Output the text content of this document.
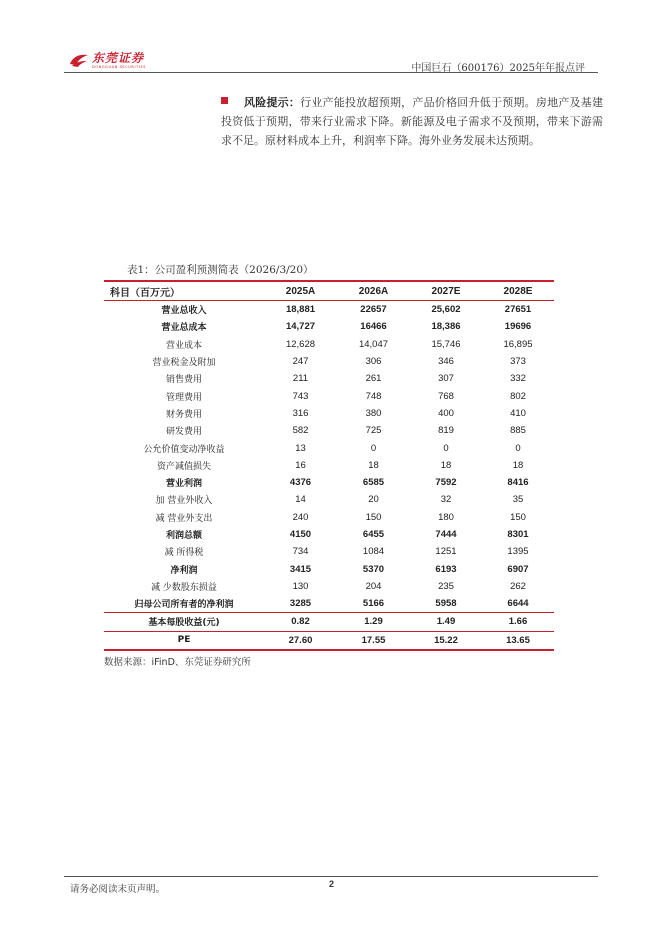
东莞证券
DONGGUAN SECURITIES	中国巨石（600176）2025年年报点评

风险提示：行业产能投放超预期，产品价格回升低于预期。房地产及基建投资低于预期，带来行业需求下降。新能源及电子需求不及预期，带来下游需求不足。原材料成本上升，利润率下降。海外业务发展未达预期。

表1：公司盈利预测简表（2026/3/20）
科目（百万元）	2025A	2026A	2027E	2028E
营业总收入	18,881	22657	25,602	27651
营业总成本	14,727	16466	18,386	19696
营业成本	12,628	14,047	15,746	16,895
营业税金及附加	247	306	346	373
销售费用	211	261	307	332
管理费用	743	748	768	802
财务费用	316	380	400	410
研发费用	582	725	819	885
公允价值变动净收益	13	0	0	0
资产减值损失	16	18	18	18
营业利润	4376	6585	7592	8416
加 营业外收入	14	20	32	35
减 营业外支出	240	150	180	150
利润总额	4150	6455	7444	8301
减 所得税	734	1084	1251	1395
净利润	3415	5370	6193	6907
减 少数股东损益	130	204	235	262
归母公司所有者的净利润	3285	5166	5958	6644
基本每股收益(元)	0.82	1.29	1.49	1.66
PE	27.60	17.55	15.22	13.65
数据来源：iFinD、东莞证券研究所
请务必阅读末页声明。	2
